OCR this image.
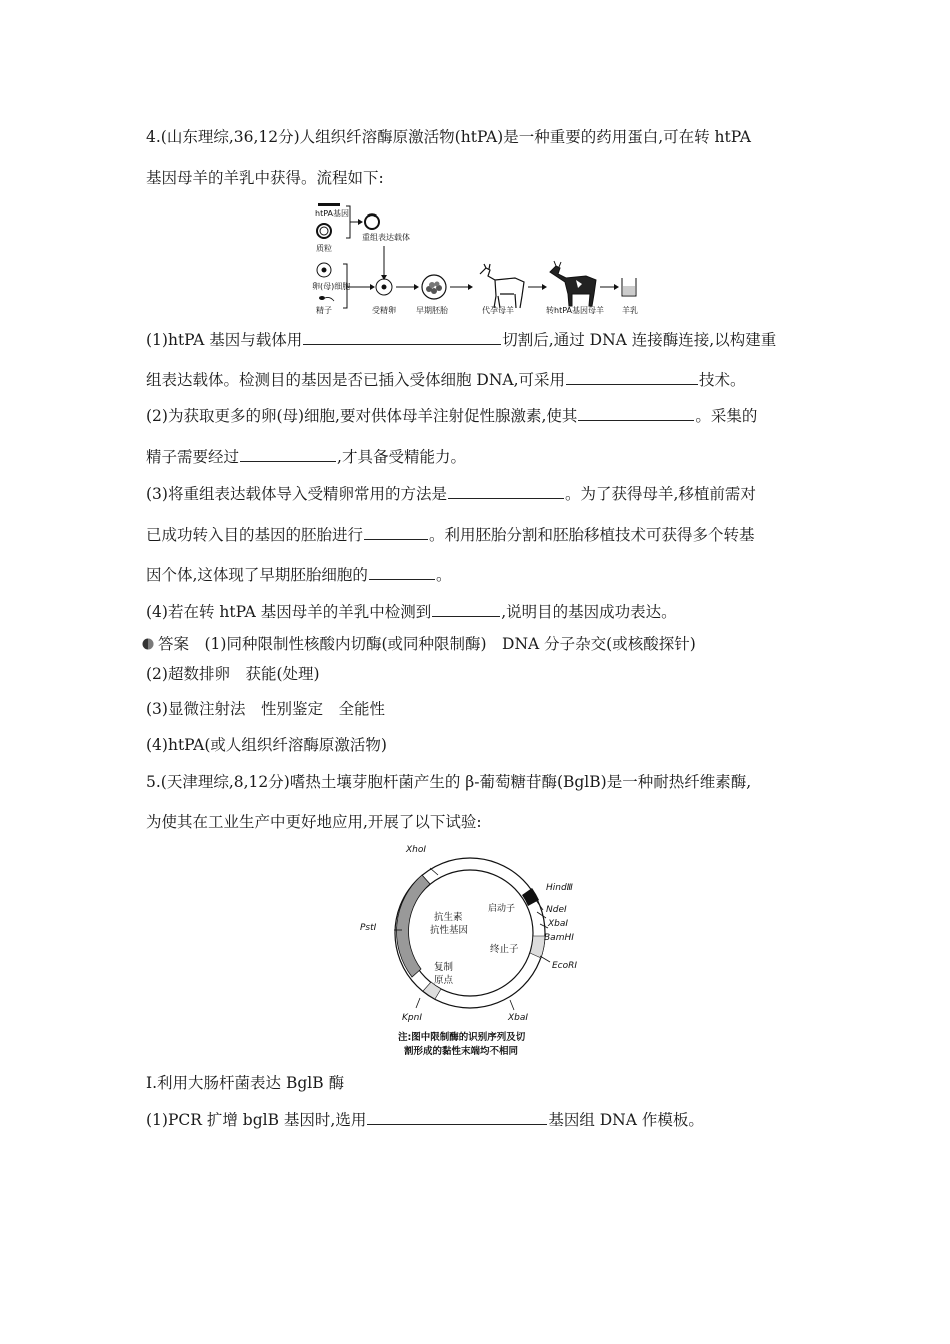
4.(山东理综,36,12分)人组织纤溶酶原激活物(htPA)是一种重要的药用蛋白,可在转 htPA
基因母羊的羊乳中获得。流程如下:
htPA基因
质粒
重组表达载体
卵(母)细胞
精子	受精卵	早期胚胎	代孕母羊	转htPA基因母羊 羊乳
(1)htPA 基因与载体用	切割后,通过 DNA 连接酶连接,以构建重
组表达载体。检测目的基因是否已插入受体细胞 DNA,可采用	技术。
(2)为获取更多的卵(母)细胞,要对供体母羊注射促性腺激素,使其	。采集的
精子需要经过	,才具备受精能力。
(3)将重组表达载体导入受精卵常用的方法是	。为了获得母羊,移植前需对
已成功转入目的基因的胚胎进行	。利用胚胎分割和胚胎移植技术可获得多个转基
因个体,这体现了早期胚胎细胞的	。
(4)若在转 htPA 基因母羊的羊乳中检测到	,说明目的基因成功表达。
答案　(1)同种限制性核酸内切酶(或同种限制酶)　DNA 分子杂交(或核酸探针)
(2)超数排卵　获能(处理)
(3)显微注射法　性别鉴定　全能性
(4)htPA(或人组织纤溶酶原激活物)
5.(天津理综,8,12分)嗜热土壤芽胞杆菌产生的 β-葡萄糖苷酶(BglB)是一种耐热纤维素酶,
为使其在工业生产中更好地应用,开展了以下试验:
XhoⅠ
HindⅢ
启动子	NdeⅠ
XbaⅠ
BamHⅠ
PstⅠ
抗生素
抗性基因
终止子
EcoRⅠ
复制
原点
KpnⅠ	XbaⅠ
注:图中限制酶的识别序列及切
割形成的黏性末端均不相同
Ⅰ.利用大肠杆菌表达 BglB 酶
(1)PCR 扩增 bglB 基因时,选用	基因组 DNA 作模板。
